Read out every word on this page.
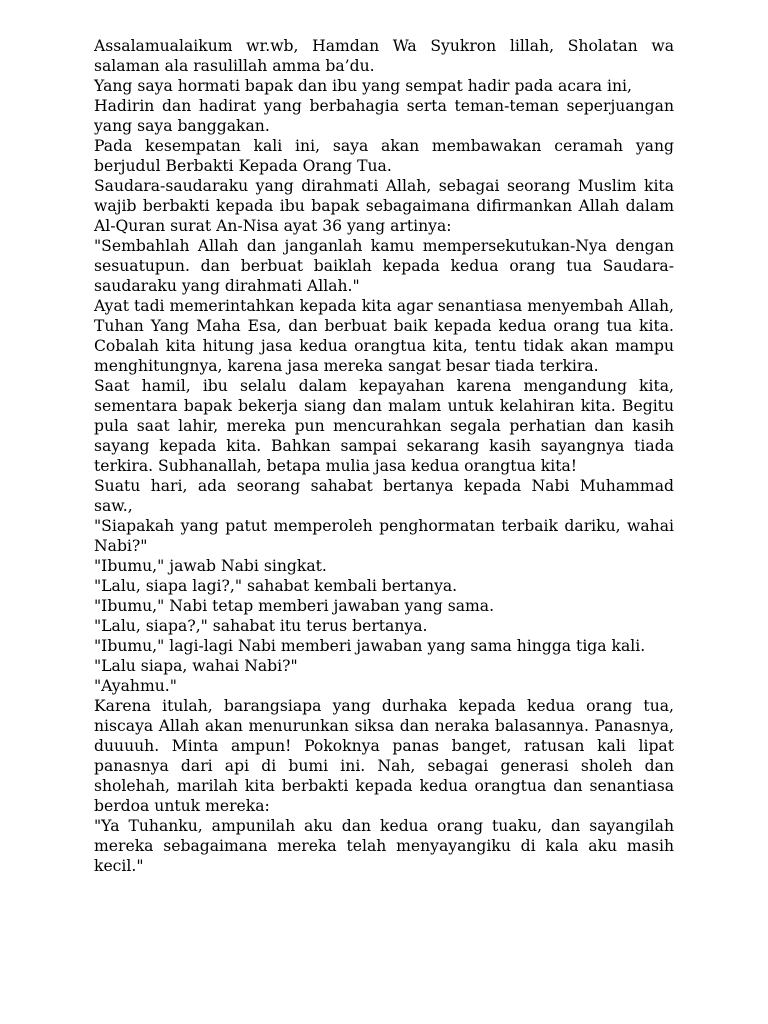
Assalamualaikum wr.wb, Hamdan Wa Syukron lillah, Sholatan wa salaman ala rasulillah amma ba’du.

Yang saya hormati bapak dan ibu yang sempat hadir pada acara ini,

Hadirin dan hadirat yang berbahagia serta teman-teman seperjuangan yang saya banggakan.

Pada kesempatan kali ini, saya akan membawakan ceramah yang berjudul Berbakti Kepada Orang Tua.

Saudara-saudaraku yang dirahmati Allah, sebagai seorang Muslim kita wajib berbakti kepada ibu bapak sebagaimana difirmankan Allah dalam Al-Quran surat An-Nisa ayat 36 yang artinya:

"Sembahlah Allah dan janganlah kamu mempersekutukan-Nya dengan sesuatupun. dan berbuat baiklah kepada kedua orang tua Saudara-saudaraku yang dirahmati Allah."

Ayat tadi memerintahkan kepada kita agar senantiasa menyembah Allah, Tuhan Yang Maha Esa, dan berbuat baik kepada kedua orang tua kita. Cobalah kita hitung jasa kedua orangtua kita, tentu tidak akan mampu menghitungnya, karena jasa mereka sangat besar tiada terkira.

Saat hamil, ibu selalu dalam kepayahan karena mengandung kita, sementara bapak bekerja siang dan malam untuk kelahiran kita. Begitu pula saat lahir, mereka pun mencurahkan segala perhatian dan kasih sayang kepada kita. Bahkan sampai sekarang kasih sayangnya tiada terkira. Subhanallah, betapa mulia jasa kedua orangtua kita!

Suatu hari, ada seorang sahabat bertanya kepada Nabi Muhammad saw.,

"Siapakah yang patut memperoleh penghormatan terbaik dariku, wahai Nabi?"

"Ibumu," jawab Nabi singkat.

"Lalu, siapa lagi?," sahabat kembali bertanya.

"Ibumu," Nabi tetap memberi jawaban yang sama.

"Lalu, siapa?," sahabat itu terus bertanya.

"Ibumu," lagi-lagi Nabi memberi jawaban yang sama hingga tiga kali.

"Lalu siapa, wahai Nabi?"

"Ayahmu."

Karena itulah, barangsiapa yang durhaka kepada kedua orang tua, niscaya Allah akan menurunkan siksa dan neraka balasannya. Panasnya, duuuuh. Minta ampun! Pokoknya panas banget, ratusan kali lipat panasnya dari api di bumi ini. Nah, sebagai generasi sholeh dan sholehah, marilah kita berbakti kepada kedua orangtua dan senantiasa berdoa untuk mereka:

"Ya Tuhanku, ampunilah aku dan kedua orang tuaku, dan sayangilah mereka sebagaimana mereka telah menyayangiku di kala aku masih kecil."
